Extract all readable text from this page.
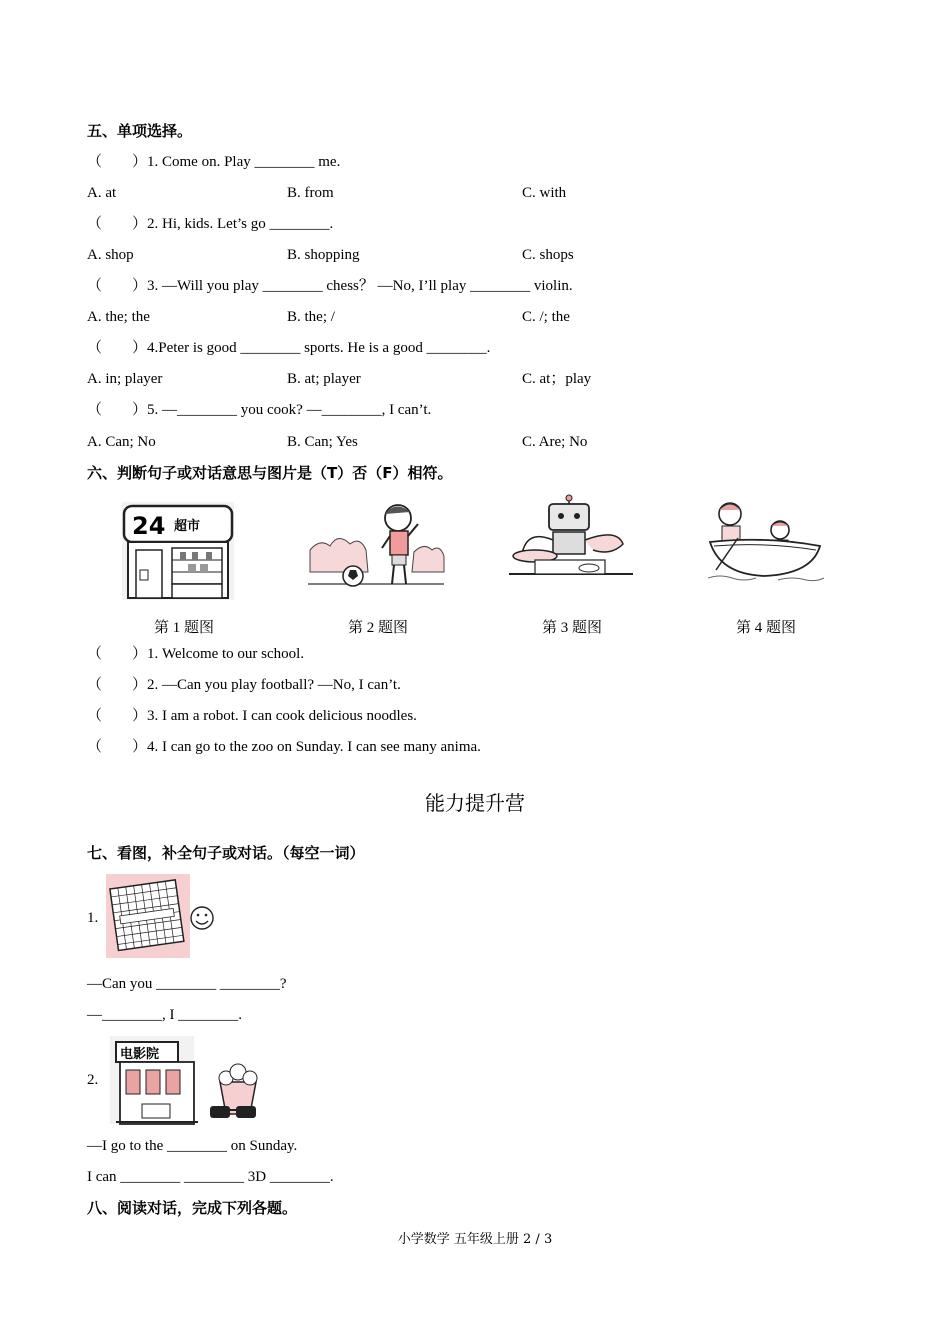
五、单项选择。
（　　）1. Come on. Play ________ me.
A. at	B. from	C. with
（　　）2. Hi, kids. Let’s go ________.
A. shop	B. shopping	C. shops
（　　）3. —Will you play ________ chess？ —No, I’ll play ________ violin.
A. the; the	B. the; /	C. /; the
（　　）4.Peter is good ________ sports. He is a good ________.
A. in; player	B. at; player	C. at；play
（　　）5. —________ you cook? —________, I can’t.
A. Can; No	B. Can; Yes	C. Are; No
六、判断句子或对话意思与图片是（T）否（F）相符。
24 超市
第 1 题图	第 2 题图	第 3 题图	第 4 题图
（　　）1. Welcome to our school.
（　　）2. —Can you play football? —No, I can’t.
（　　）3. I am a robot. I can cook delicious noodles.
（　　）4. I can go to the zoo on Sunday. I can see many anima.
能力提升营
七、看图，补全句子或对话。（每空一词）
1.
—Can you ________ ________?
—________, I ________.
2.
电影院
—I go to the ________ on Sunday.
I can ________ ________ 3D ________.
八、阅读对话，完成下列各题。
小学数学 五年级上册 2 / 3
